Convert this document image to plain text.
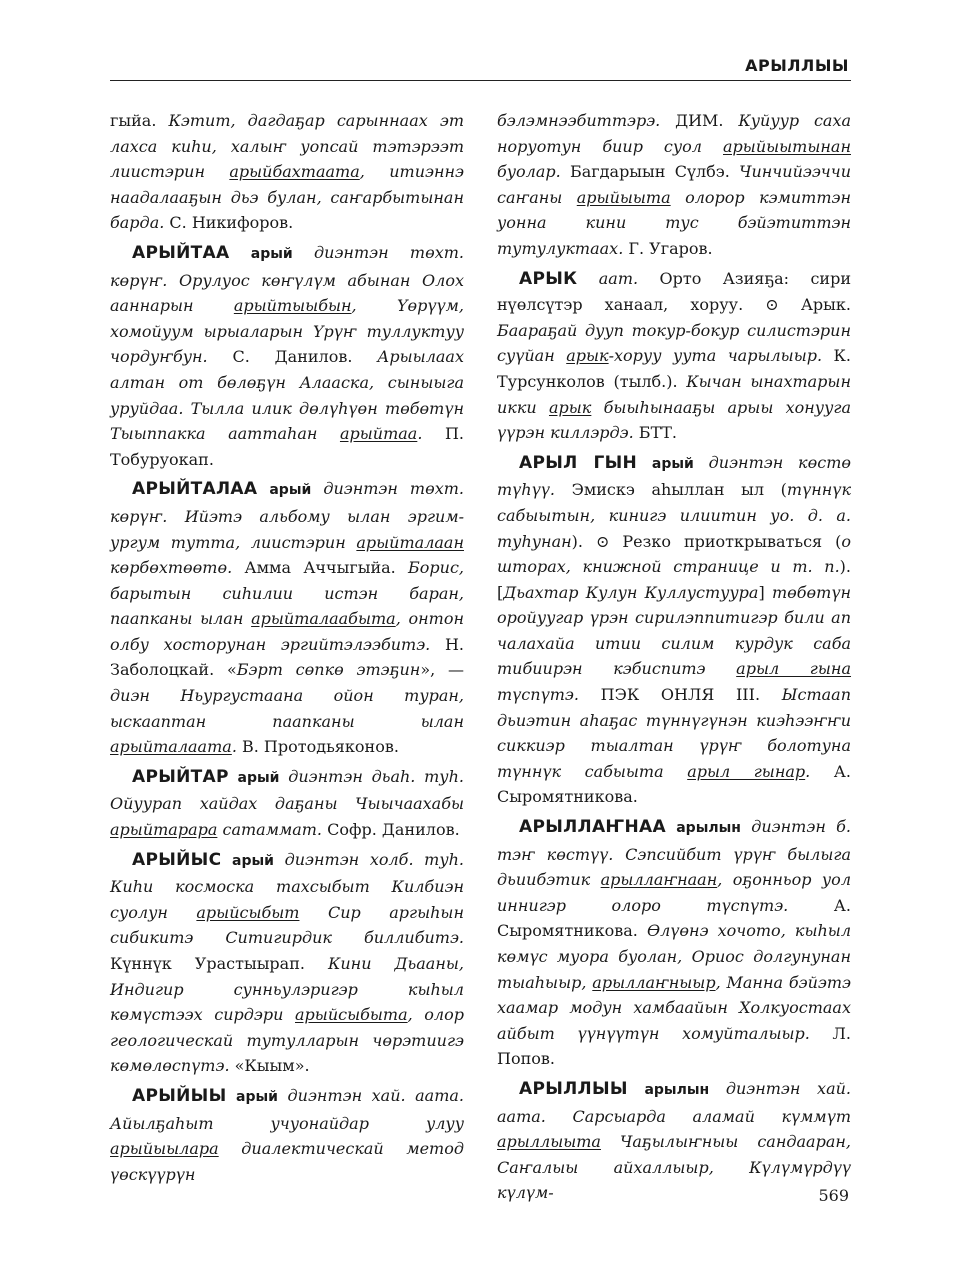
АРЫЛЛЫЫ

гыйа. Кэтит, дагдаҕар сарыннаах эт лахса киһи, халыҥ уопсай тэтэрээт лиистэрин арыйбахтаата, итиэннэ наадалааҕын дьэ булан, саҥарбытынан барда. С. Никифоров.

АРЫЙТАА арый диэнтэн төхт. көрүҥ. Орулуос көҥүлүм абынан Олох ааннарын арыйтыыбын, Үөрүүм, хомойуум ырыаларын Үрүҥ туллуктуу чордуҥбун. С. Данилов. Арыылаах алтан от бөлөҕүн Алааска, сыныыга уруйдаа. Тылла илик дөлүһүөн төбөтүн Тыыппакка ааттаһан арыйтаа. П. Тобуруокап.

АРЫЙТАЛАА арый диэнтэн төхт. көрүҥ. Ийэтэ альбому ылан эргим-ургум тутта, лиистэрин арыйталаан көрбөхтөөтө. Амма Аччыгыйа. Борис, барытын сиһилии истэн баран, паапканы ылан арыйталаабыта, онтон олбу хосторунан эргийтэлээбитэ. Н. Заболоцкай. «Бэрт сөпкө этэҕин», — диэн Ньургустаана ойон туран, ыскааптан паапканы ылан арыйталаата. В. Протодьяконов.

АРЫЙТАР арый диэнтэн дьаһ. туһ. Ойуурап хайдах даҕаны Чыычаахабы арыйтарара сатаммат. Софр. Данилов.

АРЫЙЫС арый диэнтэн холб. туһ. Киһи космоска тахсыбыт Килбиэн суолун арыйсыбыт Сир аргыһын сибикитэ Ситигирдик биллибитэ. Күннүк Урастыырап. Кини Дьааны, Индигир сунньулэригэр кыһыл көмүстээх сирдэри арыйсыбыта, олор геологическай тутулларын чөрэтиигэ көмөлөспүтэ. «Кыым».

АРЫЙЫЫ арый диэнтэн хай. аата. Айылҕаһыт учуонайдар улуу арыйыылара диалектическай метод үөскүүрүн

бэлэмнээбиттэрэ. ДИМ. Куйуур саха норуотун биир суол арыйыытынан буолар. Багдарыын Сүлбэ. Чинчийээччи саҥаны арыйыыта олорор кэмиттэн уонна кини тус бэйэтиттэн тутулуктаах. Г. Угаров.

АРЫК аат. Орто Азияҕа: сири нүөлсүтэр ханаал, хоруу. ⊙ Арык. Баараҕай дууп токур-бокур силистэрин суүйан арык-хоруу уута чарылыыр. К. Турсунколов (тылб.). Кычан ынахтарын икки арык быыһынааҕы арыы хонууга үүрэн киллэрдэ. БТТ.

АРЫЛ ГЫН арый диэнтэн көстө түһүү. Эмискэ аһыллан ыл (түннүк сабыытын, кинигэ илиитин уо. д. а. туһунан). ⊙ Резко приоткрываться (о шторах, книжной странице и т. п.). [Дьахтар Кулун Куллустуура] төбөтүн оройуугар үрэн сирилэппитигэр били ап чалахайа итии силим курдук саба тибиирэн кэбиспитэ арыл гына түспүтэ. ПЭК ОНЛЯ III. Ыстаап дьиэтин аһаҕас түннүгүнэн киэһээҥҥи сиккиэр тыалтан үрүҥ болотуна түннүк сабыыта арыл гынар. А. Сыромятникова.

АРЫЛЛАҤНАА арылын диэнтэн б. тэҥ көстүү. Сэпсийбит үрүҥ былыга дьиибэтик арыллаҥнаан, оҕонньор уол иннигэр олоро түспүтэ. А. Сыромятникова. Өлүөнэ хочото, кыһыл көмүс муора буолан, Орuос долгунунан тыаһыыр, арыллаҥныыр, Манна бэйэтэ хаамар модун хамбаайын Холкуостаах айбыт үүнүүтүн хомуйталыыр. Л. Попов.

АРЫЛЛЫЫ арылын диэнтэн хай. аата. Сарсыарда аламай күммүт арыллыыта Чаҕылыҥныы сандааран, Саҥалыы айхаллыыр, Күлүмүрдүү күлүм-	569
